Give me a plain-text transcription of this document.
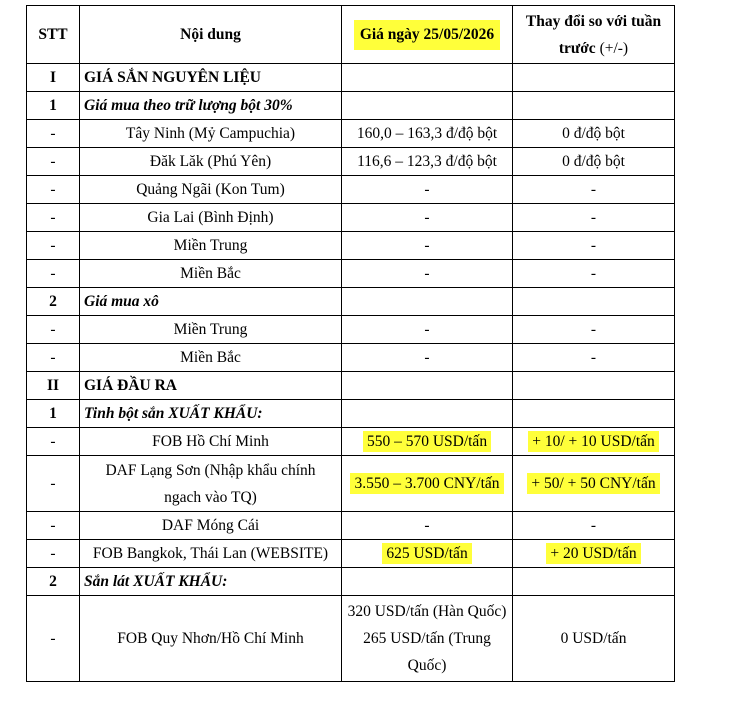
STT	Nội dung	Giá ngày 25/05/2026	Thay đổi so với tuần
trước (+/-)

I	GIÁ SẮN NGUYÊN LIỆU		
1	Giá mua theo trữ lượng bột 30%		
-	Tây Ninh (Mỷ Campuchia)	160,0 – 163,3 đ/độ bột	0 đ/độ bột
-	Đăk Lăk (Phú Yên)	116,6 – 123,3 đ/độ bột	0 đ/độ bột
-	Quảng Ngãi (Kon Tum)	-	-
-	Gia Lai (Bình Định)	-	-
-	Miền Trung	-	-
-	Miền Bắc	-	-
2	Giá mua xô		
-	Miền Trung	-	-
-	Miền Bắc	-	-
II	GIÁ ĐẦU RA		
1	Tinh bột sắn XUẤT KHẨU:		
-	FOB Hồ Chí Minh	550 – 570 USD/tấn	+ 10/ + 10 USD/tấn
-	DAF Lạng Sơn (Nhập khẩu chính
ngach vào TQ)	3.550 – 3.700 CNY/tấn	+ 50/ + 50 CNY/tấn
-	DAF Móng Cái	-	-
-	FOB Bangkok, Thái Lan (WEBSITE)	625 USD/tấn	+ 20 USD/tấn
2	Sắn lát XUẤT KHẨU:		
-	FOB Quy Nhơn/Hồ Chí Minh	320 USD/tấn (Hàn Quốc)
265 USD/tấn (Trung
Quốc)	0 USD/tấn
